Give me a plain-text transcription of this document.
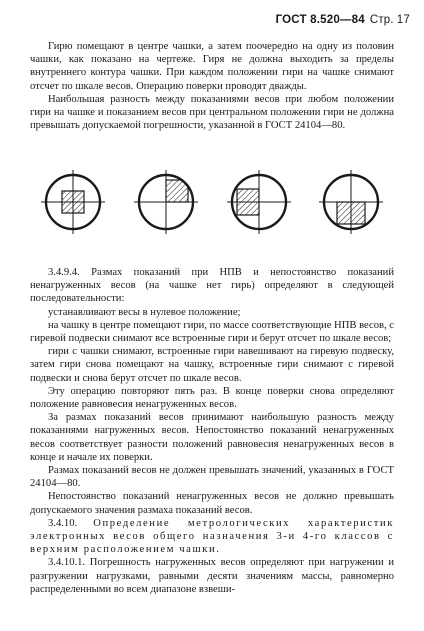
ГОСТ 8.520—84 Стр. 17

Гирю помещают в центре чашки, а затем поочередно на одну из половин чашки, как показано на чертеже. Гиря не должна выходить за пределы внутреннего контура чашки. При каждом положении гири на чашке снимают отсчет по шкале весов. Операцию поверки проводят дважды.

Наибольшая разность между показаниями весов при любом положении гири на чашке и показанием весов при центральном положении гири не должна превышать допускаемой погрешности, указанной в ГОСТ 24104—80.

3.4.9.4. Размах показаний при НПВ и непостоянство показаний ненагруженных весов (на чашке нет гирь) определяют в следующей последовательности:

устанавливают весы в нулевое положение;

на чашку в центре помещают гири, по массе соответствующие НПВ весов, с гиревой подвески снимают все встроенные гири и берут отсчет по шкале весов;

гири с чашки снимают, встроенные гири навешивают на гиревую подвеску, затем гири снова помещают на чашку, встроенные гири снимают с гиревой подвески и снова берут отсчет по шкале весов.

Эту операцию повторяют пять раз. В конце поверки снова определяют положение равновесия ненагруженных весов.

За размах показаний весов принимают наибольшую разность между показаниями нагруженных весов. Непостоянство показаний ненагруженных весов соответствует разности положений равновесия ненагруженных весов в конце и начале их поверки.

Размах показаний весов не должен превышать значений, указанных в ГОСТ 24104—80.

Непостоянство показаний ненагруженных весов не должно превышать допускаемого значения размаха показаний весов.

3.4.10. Определение метрологических характеристик электронных весов общего назначения 3-и 4-го классов с верхним расположением чашки.

3.4.10.1. Погрешность нагруженных весов определяют при нагружении и разгружении нагрузками, равными десяти значениям массы, равномерно распределенными во всем диапазоне взвеши-
